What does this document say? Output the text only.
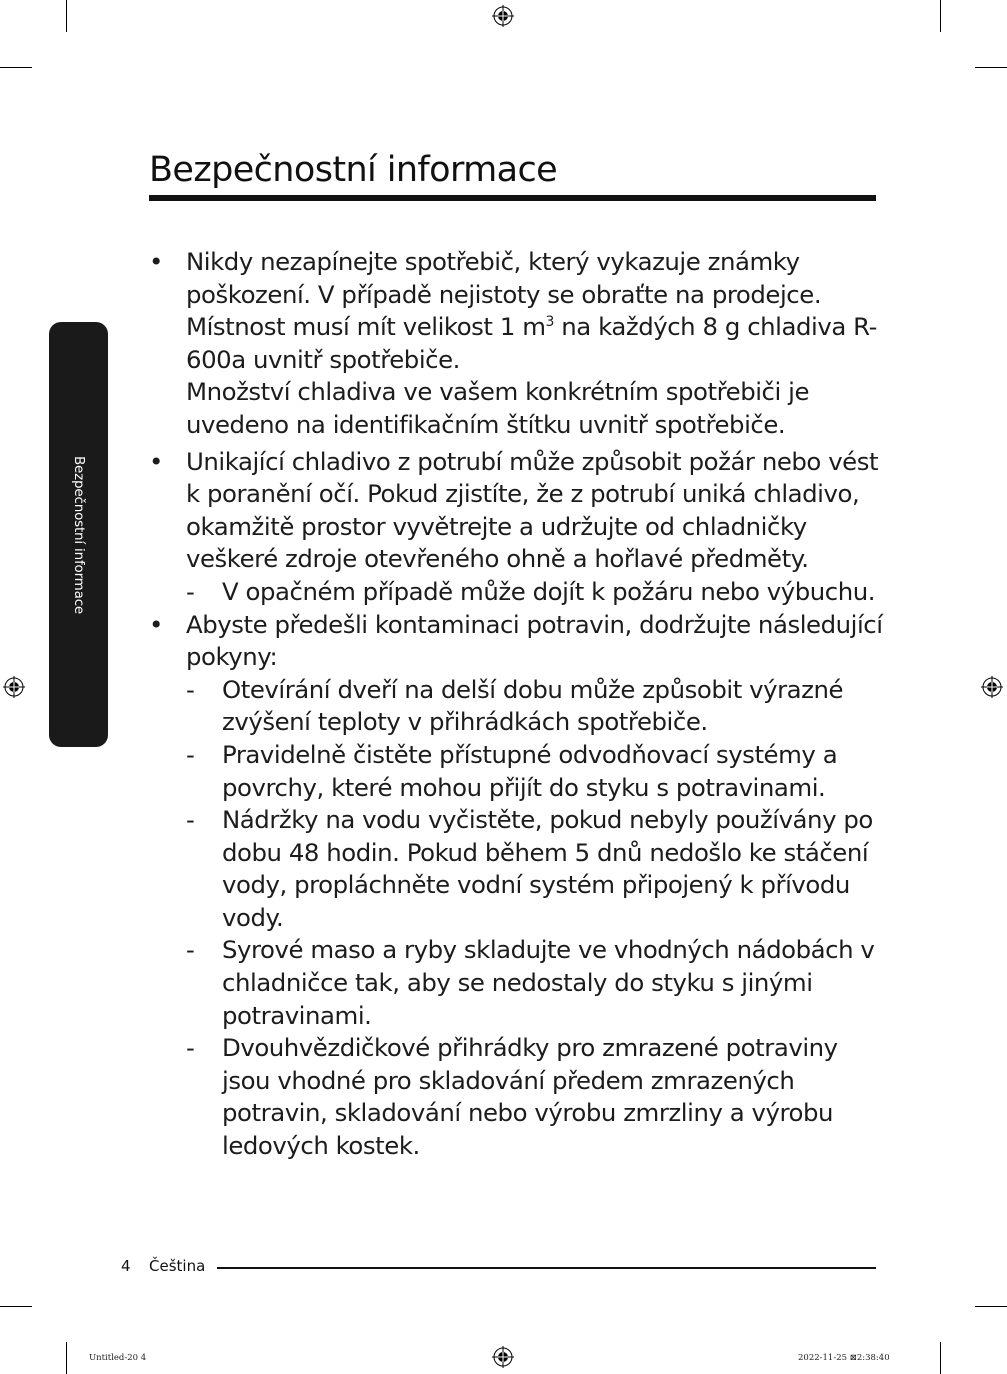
Bezpečnostní informace
Bezpečnostní informace
• Nikdy nezapínejte spotřebič, který vykazuje známky poškození. V případě nejistoty se obraťte na prodejce.
Místnost musí mít velikost 1 $m^3$ na každých 8 g chladiva R-600a uvnitř spotřebiče.
Množství chladiva ve vašem konkrétním spotřebiči je uvedeno na identifikačním štítku uvnitř spotřebiče.
• Unikající chladivo z potrubí může způsobit požár nebo vést k poranění očí. Pokud zjistíte, že z potrubí uniká chladivo, okamžitě prostor vyvětrejte a udržujte od chladničky veškeré zdroje otevřeného ohně a hořlavé předměty.
- V opačném případě může dojít k požáru nebo výbuchu.
• Abyste předešli kontaminaci potravin, dodržujte následující pokyny:
- Otevírání dveří na delší dobu může způsobit výrazné zvýšení teploty v přihrádkách spotřebiče.
- Pravidelně čistěte přístupné odvodňovací systémy a povrchy, které mohou přijít do styku s potravinami.
- Nádržky na vodu vyčistěte, pokud nebyly používány po dobu 48 hodin. Pokud během 5 dnů nedošlo ke stáčení vody, propláchněte vodní systém připojený k přívodu vody.
- Syrové maso a ryby skladujte ve vhodných nádobách v chladničce tak, aby se nedostaly do styku s jinými potravinami.
- Dvouhvězdičkové přihrádky pro zmrazené potraviny jsou vhodné pro skladování předem zmrazených potravin, skladování nebo výrobu zmrzliny a výrobu ledových kostek.
4 Čeština
Untitled-20 4	2022-11-25 ⊠2:38:40
